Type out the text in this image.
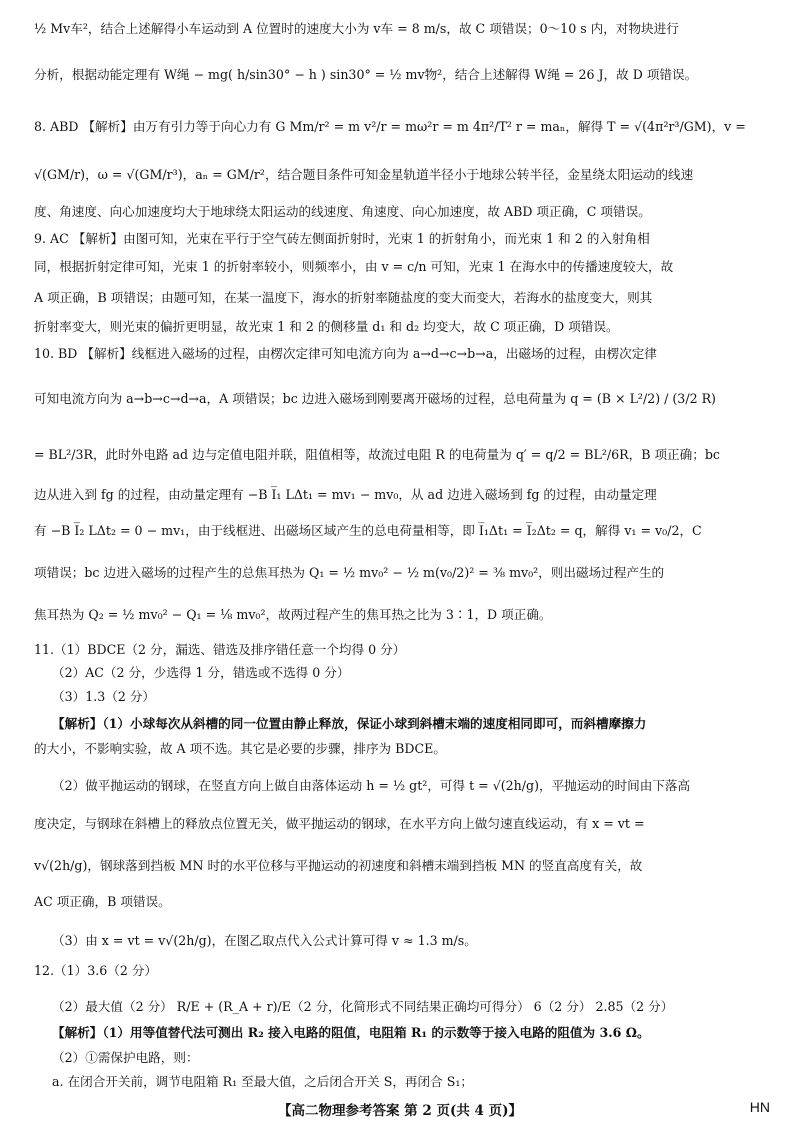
½ Mv车²，结合上述解得小车运动到 A 位置时的速度大小为 v车 = 8 m/s，故 C 项错误；0～10 s 内，对物块进行
分析，根据动能定理有 W绳 − mg( h/sin30° − h ) sin30° = ½ mv物²，结合上述解得 W绳 = 26 J，故 D 项错误。
8. ABD 【解析】由万有引力等于向心力有 G Mm/r² = m v²/r = mω²r = m 4π²/T² r = maₙ，解得 T = √(4π²r³/GM)，v =
√(GM/r)，ω = √(GM/r³)，aₙ = GM/r²，结合题目条件可知金星轨道半径小于地球公转半径，金星绕太阳运动的线速
度、角速度、向心加速度均大于地球绕太阳运动的线速度、角速度、向心加速度，故 ABD 项正确，C 项错误。
9. AC 【解析】由图可知，光束在平行于空气砖左侧面折射时，光束 1 的折射角小，而光束 1 和 2 的入射角相
同，根据折射定律可知，光束 1 的折射率较小，则频率小，由 v = c/n 可知，光束 1 在海水中的传播速度较大，故
A 项正确，B 项错误；由题可知，在某一温度下，海水的折射率随盐度的变大而变大，若海水的盐度变大，则其
折射率变大，则光束的偏折更明显，故光束 1 和 2 的侧移量 d₁ 和 d₂ 均变大，故 C 项正确，D 项错误。
10. BD 【解析】线框进入磁场的过程，由楞次定律可知电流方向为 a→d→c→b→a，出磁场的过程，由楞次定律
可知电流方向为 a→b→c→d→a，A 项错误；bc 边进入磁场到刚要离开磁场的过程，总电荷量为 q = (B × L²/2) / (3/2 R)
= BL²/3R，此时外电路 ad 边与定值电阻并联，阻值相等，故流过电阻 R 的电荷量为 q′ = q/2 = BL²/6R，B 项正确；bc
边从进入到 fg 的过程，由动量定理有 −B I̅₁ LΔt₁ = mv₁ − mv₀，从 ad 边进入磁场到 fg 的过程，由动量定理
有 −B I̅₂ LΔt₂ = 0 − mv₁，由于线框进、出磁场区域产生的总电荷量相等，即 I̅₁Δt₁ = I̅₂Δt₂ = q，解得 v₁ = v₀/2，C
项错误；bc 边进入磁场的过程产生的总焦耳热为 Q₁ = ½ mv₀² − ½ m(v₀/2)² = ⅜ mv₀²，则出磁场过程产生的
焦耳热为 Q₂ = ½ mv₀² − Q₁ = ⅛ mv₀²，故两过程产生的焦耳热之比为 3∶1，D 项正确。
11.（1）BDCE（2 分，漏选、错选及排序错任意一个均得 0 分）
（2）AC（2 分，少选得 1 分，错选或不选得 0 分）
（3）1.3（2 分）
【解析】（1）小球每次从斜槽的同一位置由静止释放，保证小球到斜槽末端的速度相同即可，而斜槽摩擦力
的大小，不影响实验，故 A 项不选。其它是必要的步骤，排序为 BDCE。
（2）做平抛运动的钢球，在竖直方向上做自由落体运动 h = ½ gt²，可得 t = √(2h/g)，平抛运动的时间由下落高
度决定，与钢球在斜槽上的释放点位置无关，做平抛运动的钢球，在水平方向上做匀速直线运动，有 x = vt =
v√(2h/g)，钢球落到挡板 MN 时的水平位移与平抛运动的初速度和斜槽末端到挡板 MN 的竖直高度有关，故
AC 项正确，B 项错误。
（3）由 x = vt = v√(2h/g)，在图乙取点代入公式计算可得 v ≈ 1.3 m/s。
12.（1）3.6（2 分）
（2）最大值（2 分） R/E + (R_A + r)/E（2 分，化简形式不同结果正确均可得分） 6（2 分） 2.85（2 分）
【解析】（1）用等值替代法可测出 R₂ 接入电路的阻值，电阻箱 R₁ 的示数等于接入电路的阻值为 3.6 Ω。
（2）①需保护电路，则：
a. 在闭合开关前，调节电阻箱 R₁ 至最大值，之后闭合开关 S，再闭合 S₁；
【高二物理参考答案 第 2 页(共 4 页)】	HN
